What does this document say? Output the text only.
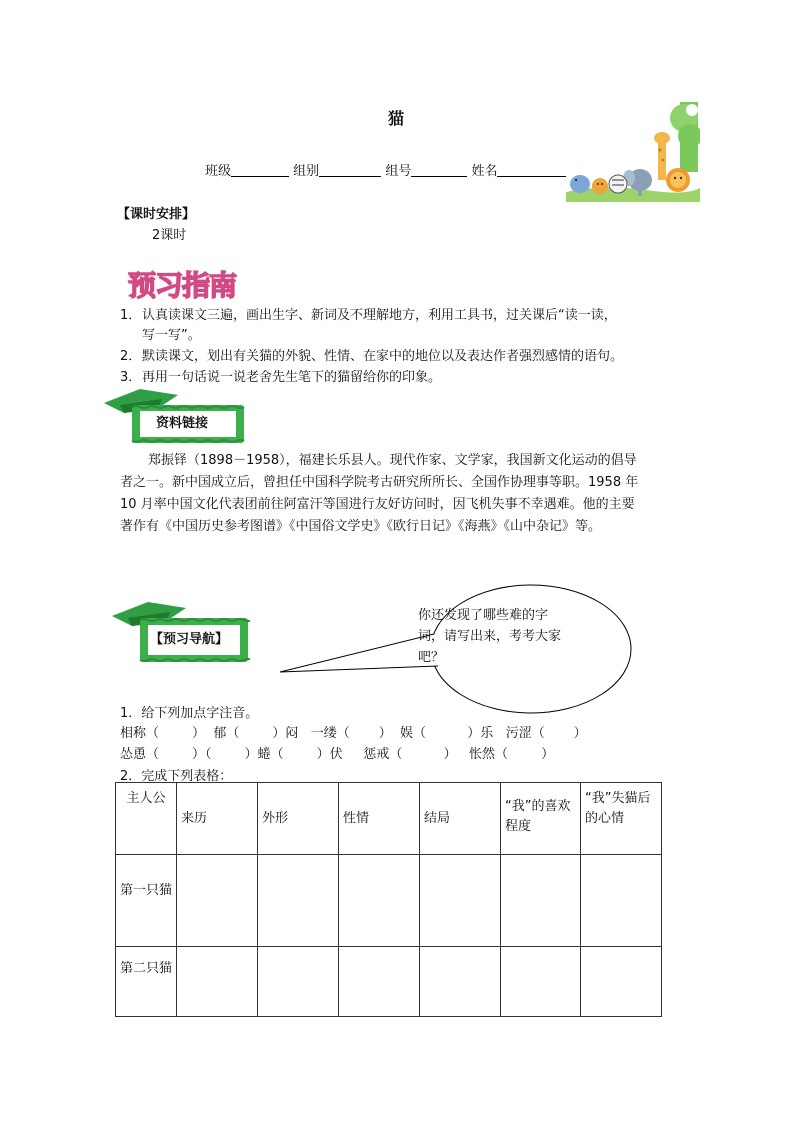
猫
班级	组别	组号	姓名
【课时安排】
2课时
预习指南
1．认真读课文三遍，画出生字、新词及不理解地方，利用工具书，过关课后“读一读，
写一写”。
2．默读课文，划出有关猫的外貌、性情、在家中的地位以及表达作者强烈感情的语句。
3．再用一句话说一说老舍先生笔下的猫留给你的印象。
资料链接
郑振铎（1898－1958），福建长乐县人。现代作家、文学家，我国新文化运动的倡导
者之一。新中国成立后，曾担任中国科学院考古研究所所长、全国作协理事等职。1958 年
10 月率中国文化代表团前往阿富汗等国进行友好访问时，因飞机失事不幸遇难。他的主要
著作有《中国历史参考图谱》《中国俗文学史》《欧行日记》《海燕》《山中杂记》等。
【预习导航】
你还发现了哪些难的字
词，请写出来，考考大家
吧？
1．给下列加点字注音。
相称（        ）  郁（        ）闷   一缕（       ）  娱（          ）乐   污涩（       ）
怂恿（        ）（        ）蜷（        ）伏     惩戒（          ）   怅然（        ）
2．完成下列表格：
主人公	来历	外形	性情	结局	“我”的喜欢程度	“我”失猫后的心情
第一只猫						
第二只猫						
